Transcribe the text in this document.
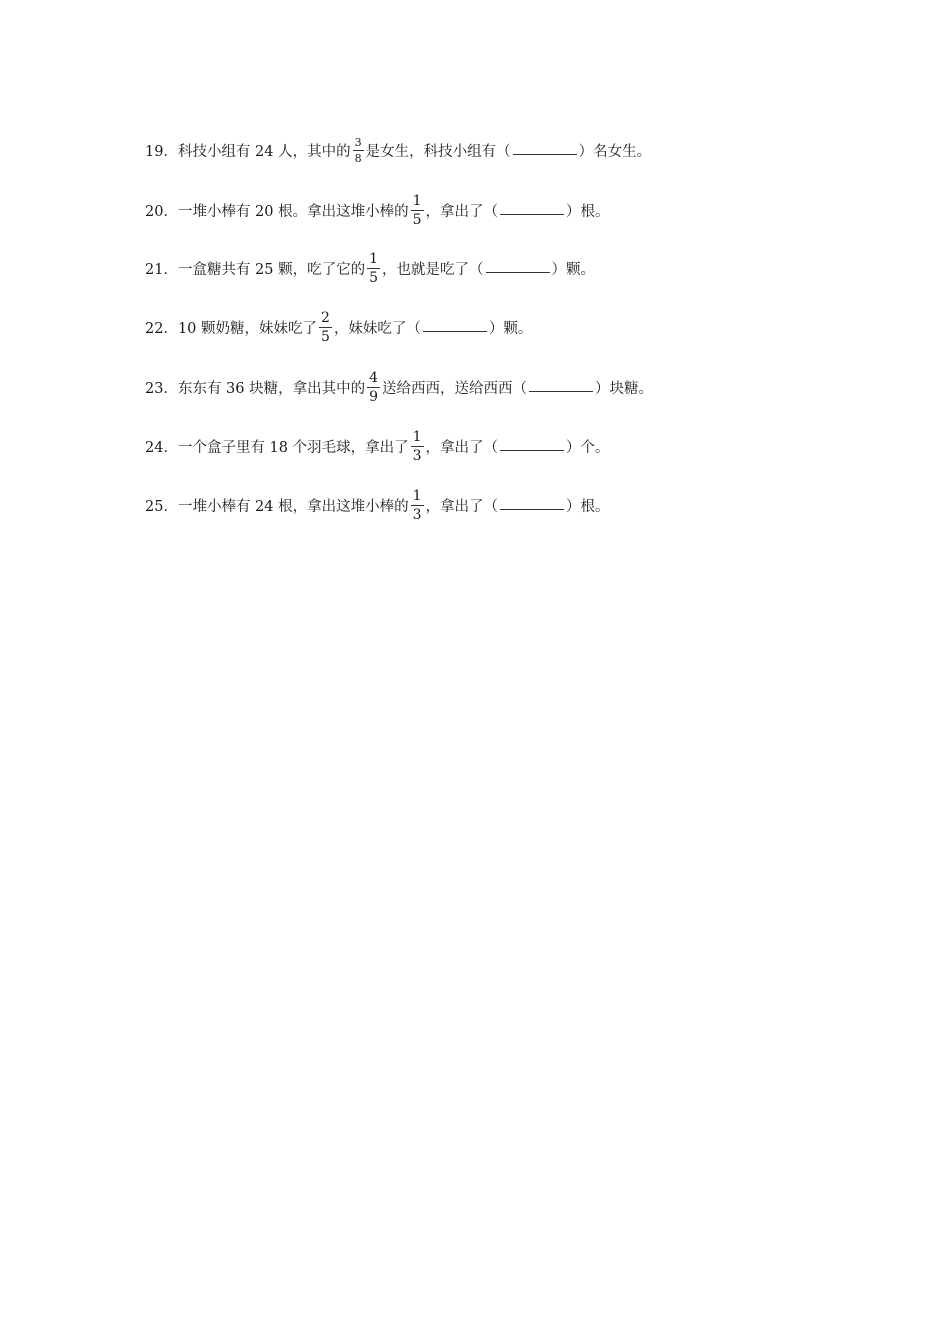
19． 科技小组有 24 人，其中的 $\frac{3}{8}$ 是女生，科技小组有（	）名女生。
20． 一堆小棒有 20 根。拿出这堆小棒的 $\frac{1}{5}$ ，拿出了（	）根。
21． 一盒糖共有 25 颗，吃了它的 $\frac{1}{5}$ ，也就是吃了（	）颗。
22． 10 颗奶糖，妹妹吃了 $\frac{2}{5}$ ，妹妹吃了（	）颗。
23． 东东有 36 块糖，拿出其中的 $\frac{4}{9}$ 送给西西，送给西西（	）块糖。
24． 一个盒子里有 18 个羽毛球，拿出了 $\frac{1}{3}$ ，拿出了（	）个。
25． 一堆小棒有 24 根，拿出这堆小棒的 $\frac{1}{3}$ ，拿出了（	）根。
